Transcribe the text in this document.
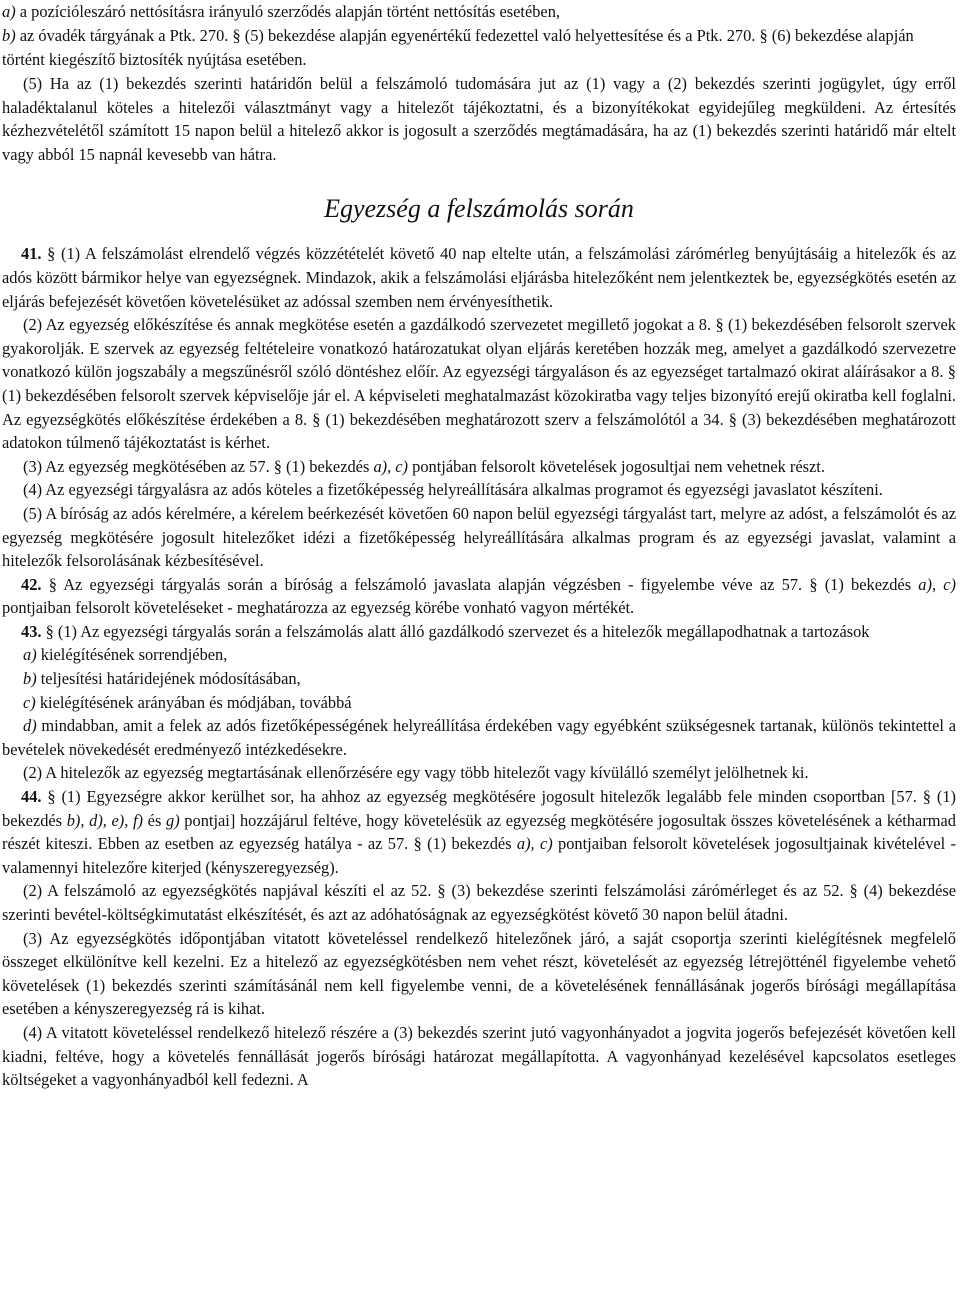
a) a pozícióleszáró nettósításra irányuló szerződés alapján történt nettósítás esetében,

b) az óvadék tárgyának a Ptk. 270. § (5) bekezdése alapján egyenértékű fedezettel való helyettesítése és a Ptk. 270. § (6) bekezdése alapján történt kiegészítő biztosíték nyújtása esetében.

(5) Ha az (1) bekezdés szerinti határidőn belül a felszámoló tudomására jut az (1) vagy a (2) bekezdés szerinti jogügylet, úgy erről haladéktalanul köteles a hitelezői választmányt vagy a hitelezőt tájékoztatni, és a bizonyítékokat egyidejűleg megküldeni. Az értesítés kézhezvételétől számított 15 napon belül a hitelező akkor is jogosult a szerződés megtámadására, ha az (1) bekezdés szerinti határidő már eltelt vagy abból 15 napnál kevesebb van hátra.

Egyezség a felszámolás során

41. § (1) A felszámolást elrendelő végzés közzétételét követő 40 nap eltelte után, a felszámolási zárómérleg benyújtásáig a hitelezők és az adós között bármikor helye van egyezségnek. Mindazok, akik a felszámolási eljárásba hitelezőként nem jelentkeztek be, egyezségkötés esetén az eljárás befejezését követően követelésüket az adóssal szemben nem érvényesíthetik.

(2) Az egyezség előkészítése és annak megkötése esetén a gazdálkodó szervezetet megillető jogokat a 8. § (1) bekezdésében felsorolt szervek gyakorolják. E szervek az egyezség feltételeire vonatkozó határozatukat olyan eljárás keretében hozzák meg, amelyet a gazdálkodó szervezetre vonatkozó külön jogszabály a megszűnésről szóló döntéshez előír. Az egyezségi tárgyaláson és az egyezséget tartalmazó okirat aláírásakor a 8. § (1) bekezdésében felsorolt szervek képviselője jár el. A képviseleti meghatalmazást közokiratba vagy teljes bizonyító erejű okiratba kell foglalni. Az egyezségkötés előkészítése érdekében a 8. § (1) bekezdésében meghatározott szerv a felszámolótól a 34. § (3) bekezdésében meghatározott adatokon túlmenő tájékoztatást is kérhet.

(3) Az egyezség megkötésében az 57. § (1) bekezdés a), c) pontjában felsorolt követelések jogosultjai nem vehetnek részt.

(4) Az egyezségi tárgyalásra az adós köteles a fizetőképesség helyreállítására alkalmas programot és egyezségi javaslatot készíteni.

(5) A bíróság az adós kérelmére, a kérelem beérkezését követően 60 napon belül egyezségi tárgyalást tart, melyre az adóst, a felszámolót és az egyezség megkötésére jogosult hitelezőket idézi a fizetőképesség helyreállítására alkalmas program és az egyezségi javaslat, valamint a hitelezők felsorolásának kézbesítésével.

42. § Az egyezségi tárgyalás során a bíróság a felszámoló javaslata alapján végzésben - figyelembe véve az 57. § (1) bekezdés a), c) pontjaiban felsorolt követeléseket - meghatározza az egyezség körébe vonható vagyon mértékét.

43. § (1) Az egyezségi tárgyalás során a felszámolás alatt álló gazdálkodó szervezet és a hitelezők megállapodhatnak a tartozások

a) kielégítésének sorrendjében,

b) teljesítési határidejének módosításában,

c) kielégítésének arányában és módjában, továbbá

d) mindabban, amit a felek az adós fizetőképességének helyreállítása érdekében vagy egyébként szükségesnek tartanak, különös tekintettel a bevételek növekedését eredményező intézkedésekre.

(2) A hitelezők az egyezség megtartásának ellenőrzésére egy vagy több hitelezőt vagy kívülálló személyt jelölhetnek ki.

44. § (1) Egyezségre akkor kerülhet sor, ha ahhoz az egyezség megkötésére jogosult hitelezők legalább fele minden csoportban [57. § (1) bekezdés b), d), e), f) és g) pontjai] hozzájárul feltéve, hogy követelésük az egyezség megkötésére jogosultak összes követelésének a kétharmad részét kiteszi. Ebben az esetben az egyezség hatálya - az 57. § (1) bekezdés a), c) pontjaiban felsorolt követelések jogosultjainak kivételével - valamennyi hitelezőre kiterjed (kényszeregyezség).

(2) A felszámoló az egyezségkötés napjával készíti el az 52. § (3) bekezdése szerinti felszámolási zárómérleget és az 52. § (4) bekezdése szerinti bevétel-költségkimutatást elkészítését, és azt az adóhatóságnak az egyezségkötést követő 30 napon belül átadni.

(3) Az egyezségkötés időpontjában vitatott követeléssel rendelkező hitelezőnek járó, a saját csoportja szerinti kielégítésnek megfelelő összeget elkülönítve kell kezelni. Ez a hitelező az egyezségkötésben nem vehet részt, követelését az egyezség létrejötténél figyelembe vehető követelések (1) bekezdés szerinti számításánál nem kell figyelembe venni, de a követelésének fennállásának jogerős bírósági megállapítása esetében a kényszeregyezség rá is kihat.

(4) A vitatott követeléssel rendelkező hitelező részére a (3) bekezdés szerint jutó vagyonhányadot a jogvita jogerős befejezését követően kell kiadni, feltéve, hogy a követelés fennállását jogerős bírósági határozat megállapította. A vagyonhányad kezelésével kapcsolatos esetleges költségeket a vagyonhányadból kell fedezni. A
